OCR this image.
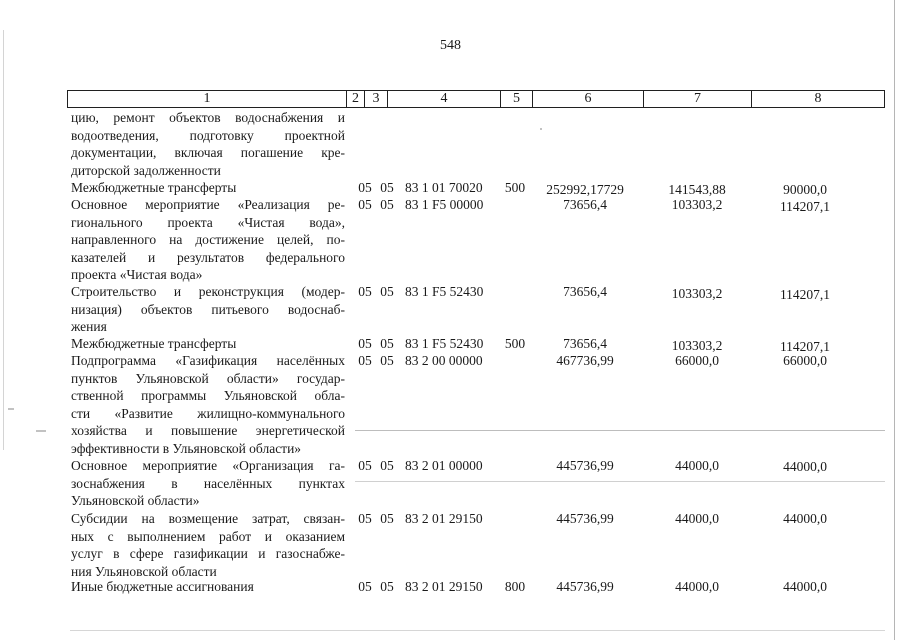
548
1	2 3	4	5	6	7	8
цию, ремонт объектов водоснабжения и
водоотведения, подготовку проектной
документации, включая погашение кре-
диторской задолженности
Межбюджетные трансферты	05 05 83 1 01 70020	500	252992,17729	141543,88	90000,0
Основное мероприятие «Реализация ре-
гионального проекта «Чистая вода»,
направленного на достижение целей, по-
казателей и результатов федерального
проекта «Чистая вода»
05 05 83 1 F5 00000	73656,4	103303,2	114207,1
Строительство и реконструкция (модер-
низация) объектов питьевого водоснаб-
жения
05 05 83 1 F5 52430	73656,4	103303,2	114207,1
Межбюджетные трансферты	05 05 83 1 F5 52430	500	73656,4	103303,2	114207,1
Подпрограмма «Газификация населённых
пунктов Ульяновской области» государ-
ственной программы Ульяновской обла-
сти «Развитие жилищно-коммунального
хозяйства и повышение энергетической
эффективности в Ульяновской области»
05 05 83 2 00 00000	467736,99	66000,0	66000,0
Основное мероприятие «Организация га-
зоснабжения в населённых пунктах
Ульяновской области»
05 05 83 2 01 00000	445736,99	44000,0	44000,0
Субсидии на возмещение затрат, связан-
ных с выполнением работ и оказанием
услуг в сфере газификации и газоснабже-
ния Ульяновской области
05 05 83 2 01 29150	445736,99	44000,0	44000,0
Иные бюджетные ассигнования	05 05 83 2 01 29150	800	445736,99	44000,0	44000,0
